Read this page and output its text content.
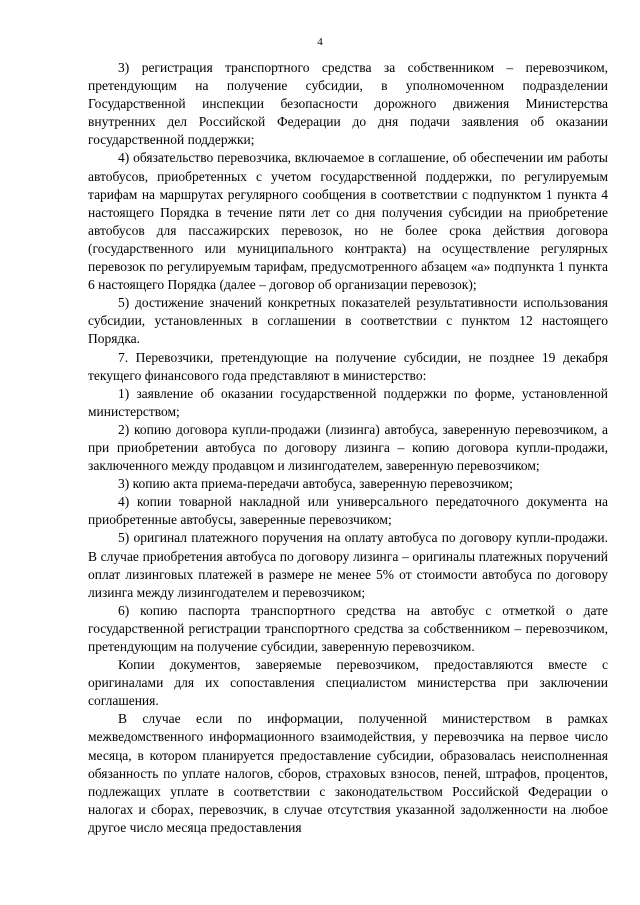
4

3) регистрация транспортного средства за собственником – перевозчиком, претендующим на получение субсидии, в уполномоченном подразделении Государственной инспекции безопасности дорожного движения Министерства внутренних дел Российской Федерации до дня подачи заявления об оказании государственной поддержки;

4) обязательство перевозчика, включаемое в соглашение, об обеспечении им работы автобусов, приобретенных с учетом государственной поддержки, по регулируемым тарифам на маршрутах регулярного сообщения в соответствии с подпунктом 1 пункта 4 настоящего Порядка в течение пяти лет со дня получения субсидии на приобретение автобусов для пассажирских перевозок, но не более срока действия договора (государственного или муниципального контракта) на осуществление регулярных перевозок по регулируемым тарифам, предусмотренного абзацем «а» подпункта 1 пункта 6 настоящего Порядка (далее – договор об организации перевозок);

5) достижение значений конкретных показателей результативности использования субсидии, установленных в соглашении в соответствии с пунктом 12 настоящего Порядка.

7. Перевозчики, претендующие на получение субсидии, не позднее 19 декабря текущего финансового года представляют в министерство:

1) заявление об оказании государственной поддержки по форме, установленной министерством;

2) копию договора купли-продажи (лизинга) автобуса, заверенную перевозчиком, а при приобретении автобуса по договору лизинга – копию договора купли-продажи, заключенного между продавцом и лизингодателем, заверенную перевозчиком;

3) копию акта приема-передачи автобуса, заверенную перевозчиком;

4) копии товарной накладной или универсального передаточного документа на приобретенные автобусы, заверенные перевозчиком;

5) оригинал платежного поручения на оплату автобуса по договору купли-продажи. В случае приобретения автобуса по договору лизинга – оригиналы платежных поручений оплат лизинговых платежей в размере не менее 5% от стоимости автобуса по договору лизинга между лизингодателем и перевозчиком;

6) копию паспорта транспортного средства на автобус с отметкой о дате государственной регистрации транспортного средства за собственником – перевозчиком, претендующим на получение субсидии, заверенную перевозчиком.

Копии документов, заверяемые перевозчиком, предоставляются вместе с оригиналами для их сопоставления специалистом министерства при заключении соглашения.

В случае если по информации, полученной министерством в рамках межведомственного информационного взаимодействия, у перевозчика на первое число месяца, в котором планируется предоставление субсидии, образовалась неисполненная обязанность по уплате налогов, сборов, страховых взносов, пеней, штрафов, процентов, подлежащих уплате в соответствии с законодательством Российской Федерации о налогах и сборах, перевозчик, в случае отсутствия указанной задолженности на любое другое число месяца предоставления
